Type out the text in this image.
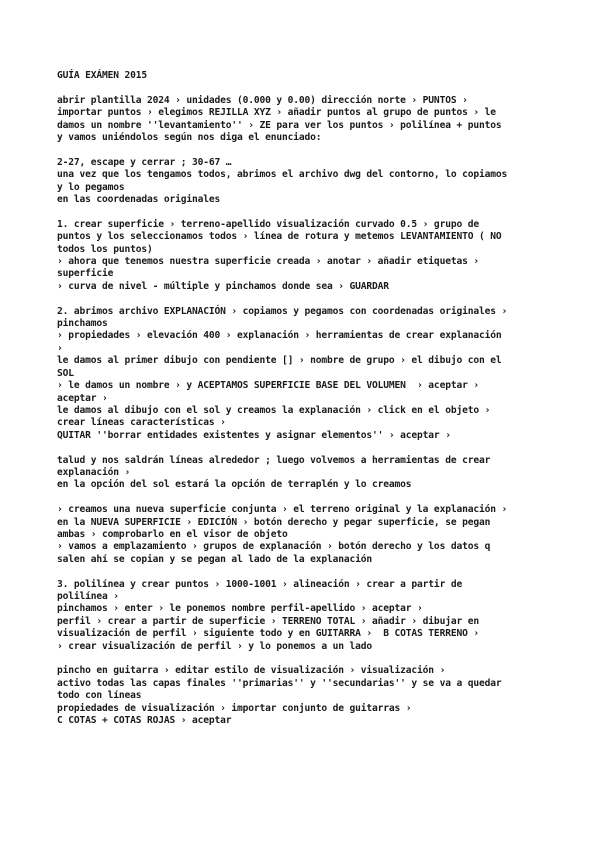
GUÍA EXÁMEN 2015
abrir plantilla 2024 › unidades (0.000 y 0.00) dirección norte › PUNTOS ›
importar puntos › elegimos REJILLA XYZ › añadir puntos al grupo de puntos › le
damos un nombre ''levantamiento'' › ZE para ver los puntos › polilínea + puntos
y vamos uniéndolos según nos diga el enunciado:
2-27, escape y cerrar ; 30-67 …
una vez que los tengamos todos, abrimos el archivo dwg del contorno, lo copiamos
y lo pegamos
en las coordenadas originales
1. crear superficie › terreno-apellido visualización curvado 0.5 › grupo de
puntos y los seleccionamos todos › línea de rotura y metemos LEVANTAMIENTO ( NO
todos los puntos)
› ahora que tenemos nuestra superficie creada › anotar › añadir etiquetas ›
superficie
› curva de nivel - múltiple y pinchamos donde sea › GUARDAR
2. abrimos archivo EXPLANACIÓN › copiamos y pegamos con coordenadas originales ›
pinchamos
› propiedades › elevación 400 › explanación › herramientas de crear explanación
›
le damos al primer dibujo con pendiente [] › nombre de grupo › el dibujo con el
SOL
› le damos un nombre › y ACEPTAMOS SUPERFICIE BASE DEL VOLUMEN  › aceptar ›
aceptar ›
le damos al dibujo con el sol y creamos la explanación › click en el objeto ›
crear líneas características ›
QUITAR ''borrar entidades existentes y asignar elementos'' › aceptar ›
talud y nos saldrán líneas alrededor ; luego volvemos a herramientas de crear
explanación ›
en la opción del sol estará la opción de terraplén y lo creamos
› creamos una nueva superficie conjunta › el terreno original y la explanación ›
en la NUEVA SUPERFICIE › EDICIÓN › botón derecho y pegar superficie, se pegan
ambas › comprobarlo en el visor de objeto
› vamos a emplazamiento › grupos de explanación › botón derecho y los datos q
salen ahí se copian y se pegan al lado de la explanación
3. polilínea y crear puntos › 1000-1001 › alineación › crear a partir de
polilínea ›
pinchamos › enter › le ponemos nombre perfil-apellido › aceptar ›
perfil › crear a partir de superficie › TERRENO TOTAL › añadir › dibujar en
visualización de perfil › siguiente todo y en GUITARRA ›  B COTAS TERRENO ›
› crear visualización de perfil › y lo ponemos a un lado
pincho en guitarra › editar estilo de visualización › visualización ›
activo todas las capas finales ''primarias'' y ''secundarias'' y se va a quedar
todo con líneas
propiedades de visualización › importar conjunto de guitarras ›
C COTAS + COTAS ROJAS › aceptar
